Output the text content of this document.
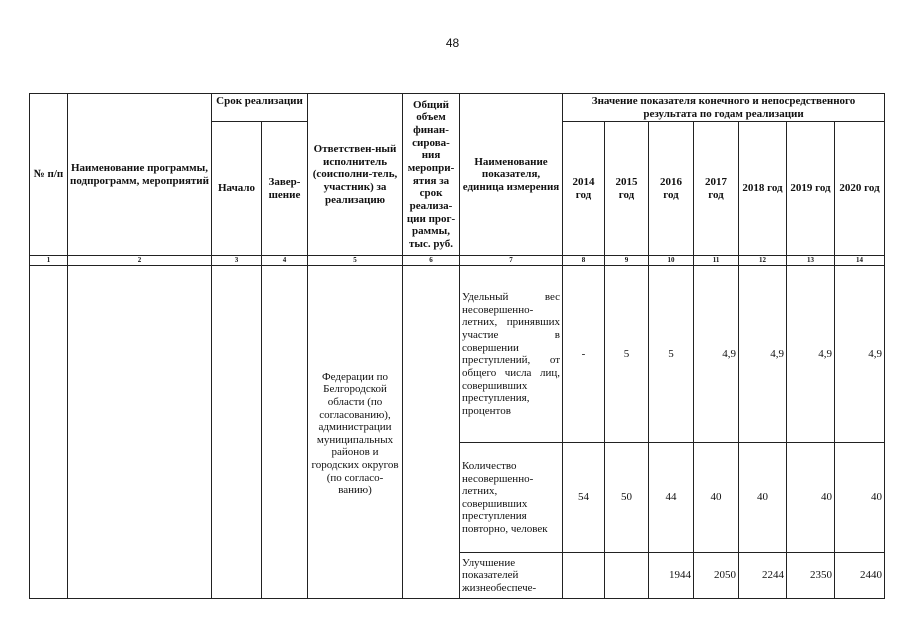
48
№ п/п	Наименование программы, подпрограмм, мероприятий	Срок реализации		Ответствен-ный исполнитель (соисполни-тель, участник) за реализацию	Общий объем финан-сирова-ния меропри-ятия за срок реализа-ции прог-раммы, тыс. руб.	Наименование показателя, единица измерения	Значение показателя конечного и непосредственного результата по годам реализации						
		Начало	Завер-шение				2014 год	2015 год	2016 год	2017 год	2018 год	2019 год	2020 год
1	2	3	4	5	6	7	8	9	10	11	12	13	14
				Федерации по Белгородской области (по согласованию), администрации муниципальных районов и городских округов (по согласо-ванию)		Удельный вес несовершенно-летних, принявших участие в совершении преступлений, от общего числа лиц, совершивших преступления, процентов	-	5	5	4,9	4,9	4,9	4,9
						Количество несовершенно-летних, совершивших преступления повторно, человек	54	50	44	40	40	40	40
						Улучшение показателей жизнеобеспече-			1944	2050	2244	2350	2440
